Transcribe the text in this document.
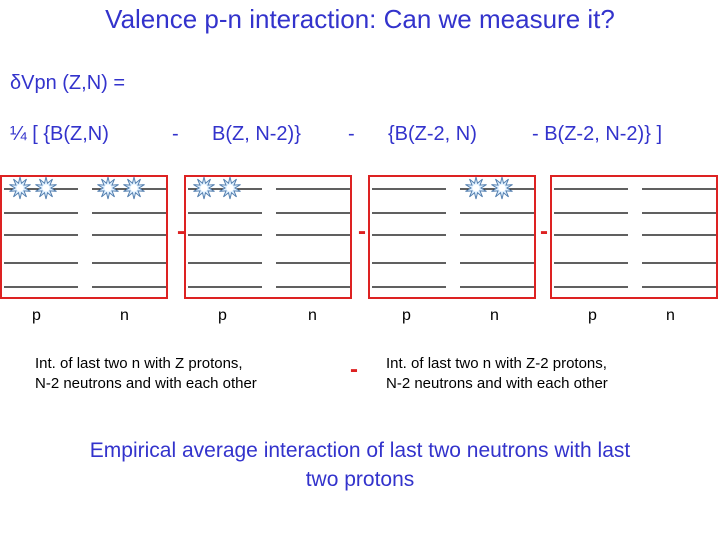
Valence p-n interaction: Can we measure it?
δVpn (Z,N) =
¼ [ {B(Z,N)	- B(Z, N-2)} - {B(Z-2, N)	- B(Z-2, N-2)} ]
-	-	-
p	n	p	n	p	n	p	n
Int. of last two n with Z protons,
N-2 neutrons and with each other
- Int. of last two n with Z-2 protons,
N-2 neutrons and with each other
Empirical average interaction of last two neutrons with last
two protons
